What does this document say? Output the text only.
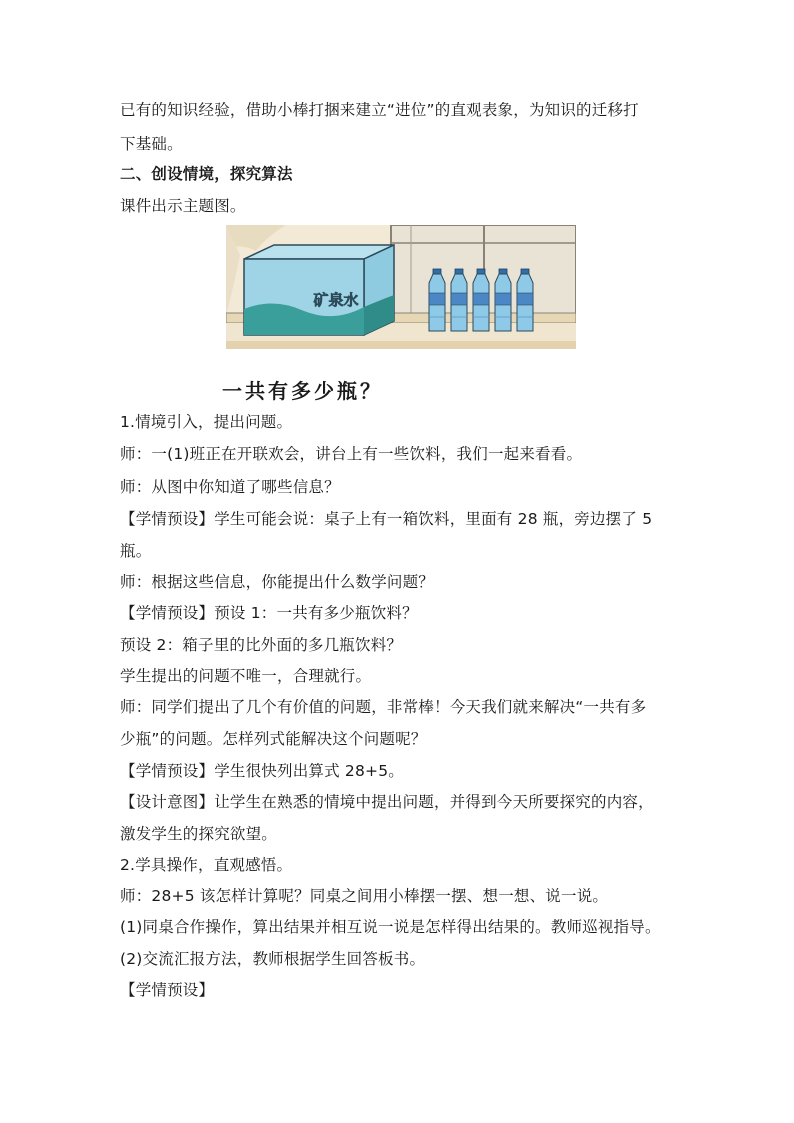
已有的知识经验，借助小棒打捆来建立“进位”的直观表象，为知识的迁移打
下基础。
二、创设情境，探究算法
课件出示主题图。
矿泉水
一共有多少瓶？
1.情境引入，提出问题。
师：一(1)班正在开联欢会，讲台上有一些饮料，我们一起来看看。
师：从图中你知道了哪些信息？
【学情预设】学生可能会说：桌子上有一箱饮料，里面有 28 瓶，旁边摆了 5
瓶。
师：根据这些信息，你能提出什么数学问题？
【学情预设】预设 1：一共有多少瓶饮料？
预设 2：箱子里的比外面的多几瓶饮料？
学生提出的问题不唯一，合理就行。
师：同学们提出了几个有价值的问题，非常棒！今天我们就来解决“一共有多
少瓶”的问题。怎样列式能解决这个问题呢？
【学情预设】学生很快列出算式 28+5。
【设计意图】让学生在熟悉的情境中提出问题，并得到今天所要探究的内容，
激发学生的探究欲望。
2.学具操作，直观感悟。
师：28+5 该怎样计算呢？同桌之间用小棒摆一摆、想一想、说一说。
(1)同桌合作操作，算出结果并相互说一说是怎样得出结果的。教师巡视指导。
(2)交流汇报方法，教师根据学生回答板书。
【学情预设】
